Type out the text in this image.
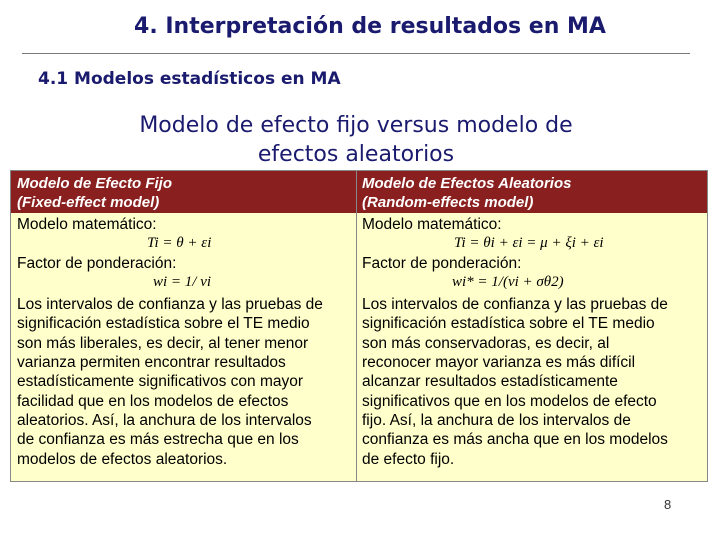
4. Interpretación de resultados en MA
4.1 Modelos estadísticos en MA
Modelo de efecto fijo versus modelo de
efectos aleatorios
Modelo de Efecto Fijo
(Fixed-effect model)
Modelo de Efectos Aleatorios
(Random-effects model)
Modelo matemático:
Ti = θ + εi
Factor de ponderación:
wi = 1/ vi
Los intervalos de confianza y las pruebas de
significación estadística sobre el TE medio
son más liberales, es decir, al tener menor
varianza permiten encontrar resultados
estadísticamente significativos con mayor
facilidad que en los modelos de efectos
aleatorios. Así, la anchura de los intervalos
de confianza es más estrecha que en los
modelos de efectos aleatorios.
Modelo matemático:
Ti = θi + εi = μ + ξi + εi
Factor de ponderación:
wi* = 1/(vi + σθ2)
Los intervalos de confianza y las pruebas de
significación estadística sobre el TE medio
son más conservadoras, es decir, al
reconocer mayor varianza es más difícil
alcanzar resultados estadísticamente
significativos que en los modelos de efecto
fijo. Así, la anchura de los intervalos de
confianza es más ancha que en los modelos
de efecto fijo.
8
